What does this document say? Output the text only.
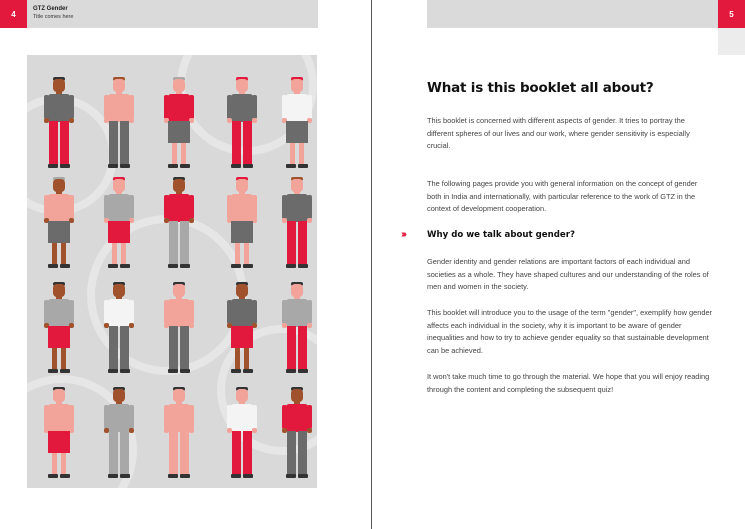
4
GTZ Gender
Title comes here	5
What is this booklet all about?

This booklet is concerned with different aspects of gender. It tries to portray the different spheres of our lives and our work, where gender sensitivity is especially crucial.

The following pages provide you with general information on the concept of gender both in India and internationally, with particular reference to the work of GTZ in the context of development cooperation.

›››	Why do we talk about gender?

Gender identity and gender relations are important factors of each individual and societies as a whole. They have shaped cultures and our understanding of the roles of men and women in the society.

This booklet will introduce you to the usage of the term "gender", exemplify how gender affects each individual in the society, why it is important to be aware of gender inequalities and how to try to achieve gender equality so that sustainable development can be achieved.

It won't take much time to go through the material. We hope that you will enjoy reading through the content and completing the subsequent quiz!
